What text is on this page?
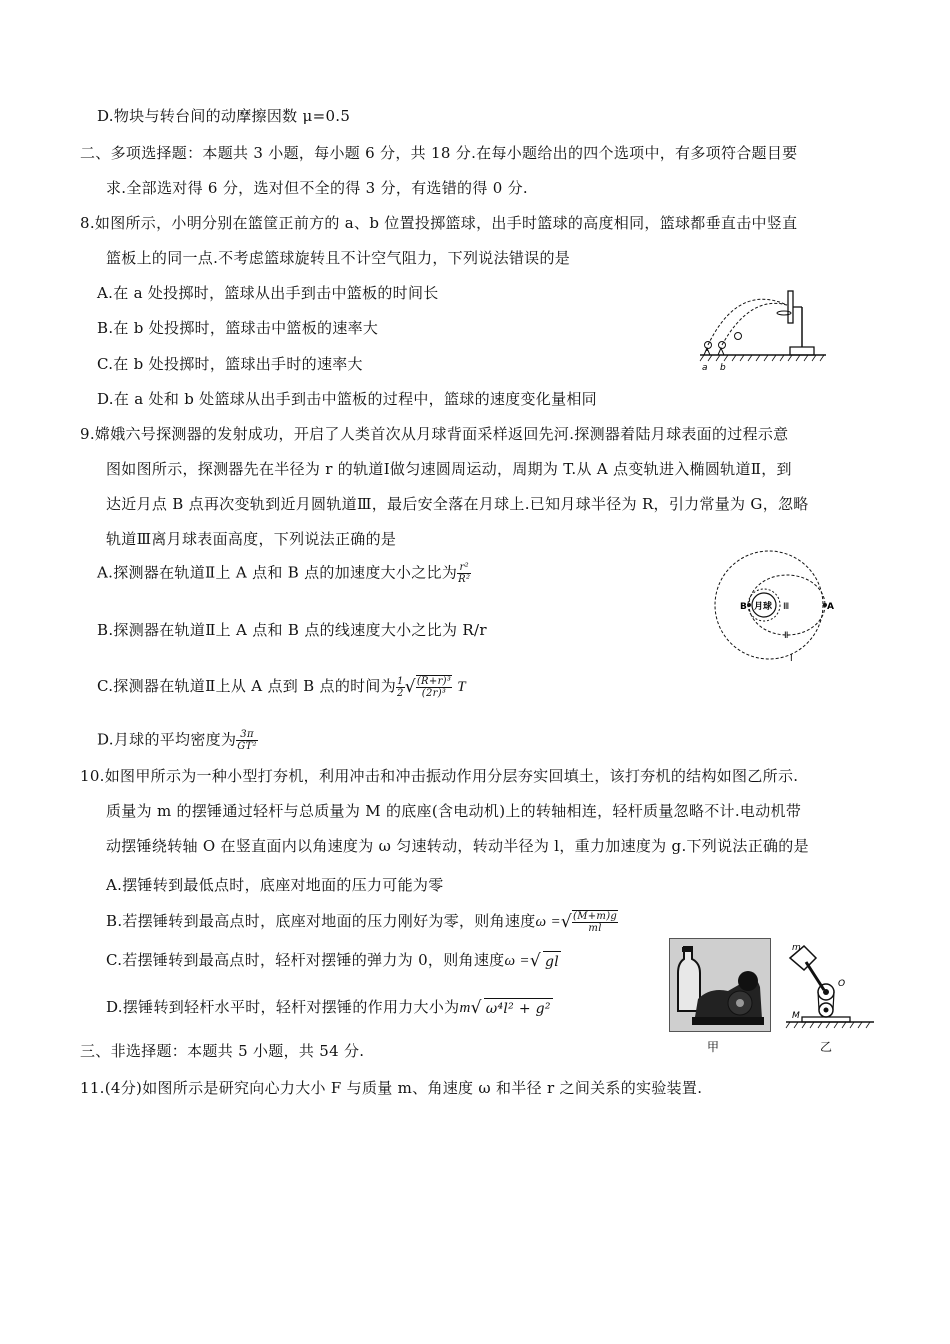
D.物块与转台间的动摩擦因数 μ=0.5
二、多项选择题：本题共 3 小题，每小题 6 分，共 18 分.在每小题给出的四个选项中，有多项符合题目要
求.全部选对得 6 分，选对但不全的得 3 分，有选错的得 0 分.
8.如图所示，小明分别在篮筐正前方的 a、b 位置投掷篮球，出手时篮球的高度相同，篮球都垂直击中竖直
篮板上的同一点.不考虑篮球旋转且不计空气阻力，下列说法错误的是
A.在 a 处投掷时，篮球从出手到击中篮板的时间长
B.在 b 处投掷时，篮球击中篮板的速率大
C.在 b 处投掷时，篮球出手时的速率大
D.在 a 处和 b 处篮球从出手到击中篮板的过程中，篮球的速度变化量相同
a b
9.嫦娥六号探测器的发射成功，开启了人类首次从月球背面采样返回先河.探测器着陆月球表面的过程示意
图如图所示，探测器先在半径为 r 的轨道Ⅰ做匀速圆周运动，周期为 T.从 A 点变轨进入椭圆轨道Ⅱ，到
达近月点 B 点再次变轨到近月圆轨道Ⅲ，最后安全落在月球上.已知月球半径为 R，引力常量为 G，忽略
轨道Ⅲ离月球表面高度，下列说法正确的是
A.探测器在轨道Ⅱ上 A 点和 B 点的加速度大小之比为 $\frac{\text{r²}}{\text{R²}}$
B.探测器在轨道Ⅱ上 A 点和 B 点的线速度大小之比为 R/r
C.探测器在轨道Ⅱ上从 A 点到 B 点的时间为 $\frac{1}{2}$ √ $\frac{\text{(R+r)³}}{\text{(2r)³}}$ T
D.月球的平均密度为 $\frac{3\pi}{\text{GT²}}$
B 月球 Ⅲ	A
Ⅱ
Ⅰ
10.如图甲所示为一种小型打夯机，利用冲击和冲击振动作用分层夯实回填土，该打夯机的结构如图乙所示.
质量为 m 的摆锤通过轻杆与总质量为 M 的底座(含电动机)上的转轴相连，轻杆质量忽略不计.电动机带
动摆锤绕转轴 O 在竖直面内以角速度为 ω 匀速转动，转动半径为 l，重力加速度为 g.下列说法正确的是
A.摆锤转到最低点时，底座对地面的压力可能为零
B.若摆锤转到最高点时，底座对地面的压力刚好为零，则角速度ω =√ $\frac{(M+m)g}{ml}$
C.若摆锤转到最高点时，轻杆对摆锤的弹力为 0，则角速度ω =√ gl
D.摆锤转到轻杆水平时，轻杆对摆锤的作用力大小为m√ ω⁴l² + g²
甲
m
O
M
乙
三、非选择题：本题共 5 小题，共 54 分.
11.(4分)如图所示是研究向心力大小 F 与质量 m、角速度 ω 和半径 r 之间关系的实验装置.
